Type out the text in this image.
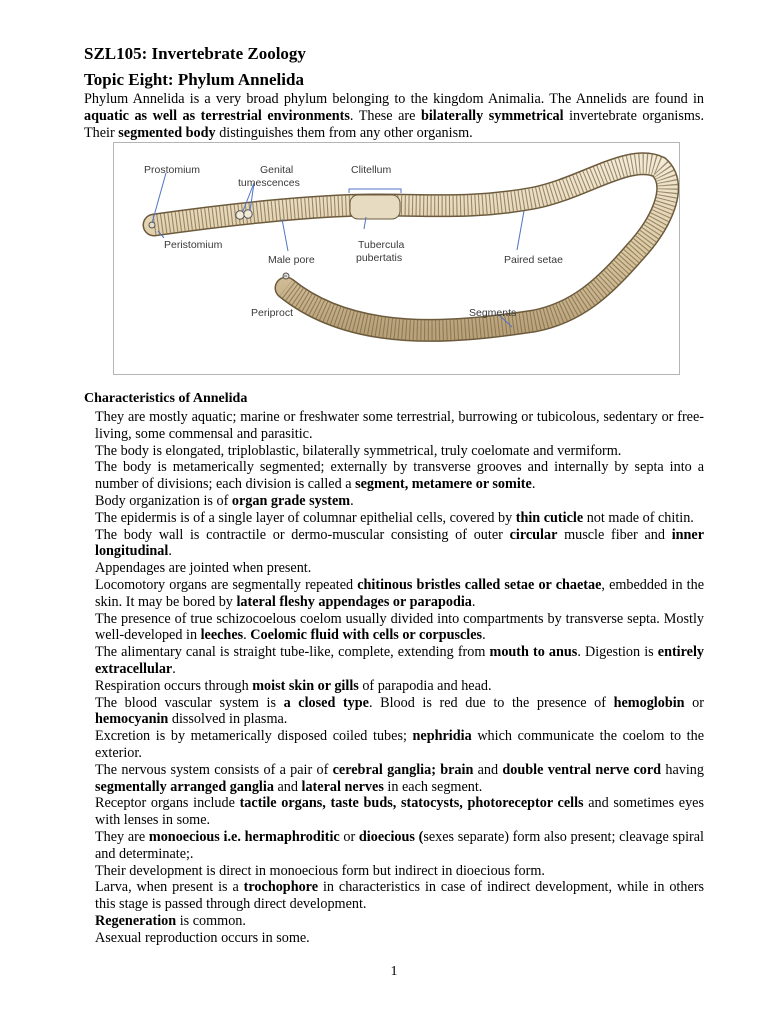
SZL105: Invertebrate Zoology
Topic Eight: Phylum Annelida
Phylum Annelida is a very broad phylum belonging to the kingdom Animalia. The Annelids are found in aquatic as well as terrestrial environments. These are bilaterally symmetrical invertebrate organisms. Their segmented body distinguishes them from any other organism.
Prostomium	Genital
tumescences
Clitellum
Peristomium
Male pore
Tubercula
pubertatis	Paired setae
Periproct	Segments
Characteristics of Annelida

They are mostly aquatic; marine or freshwater some terrestrial, burrowing or tubicolous, sedentary or free-living, some commensal and parasitic.

The body is elongated, triploblastic, bilaterally symmetrical, truly coelomate and vermiform.

The body is metamerically segmented; externally by transverse grooves and internally by septa into a number of divisions; each division is called a segment, metamere or somite.

Body organization is of organ grade system.

The epidermis is of a single layer of columnar epithelial cells, covered by thin cuticle not made of chitin.

The body wall is contractile or dermo-muscular consisting of outer circular muscle fiber and inner longitudinal.

Appendages are jointed when present.

Locomotory organs are segmentally repeated chitinous bristles called setae or chaetae, embedded in the skin. It may be bored by lateral fleshy appendages or parapodia.

The presence of true schizocoelous coelom usually divided into compartments by transverse septa. Mostly well-developed in leeches. Coelomic fluid with cells or corpuscles.

The alimentary canal is straight tube-like, complete, extending from mouth to anus. Digestion is entirely extracellular.

Respiration occurs through moist skin or gills of parapodia and head.

The blood vascular system is a closed type. Blood is red due to the presence of hemoglobin or hemocyanin dissolved in plasma.

Excretion is by metamerically disposed coiled tubes; nephridia which communicate the coelom to the exterior.

The nervous system consists of a pair of cerebral ganglia; brain and double ventral nerve cord having segmentally arranged ganglia and lateral nerves in each segment.

Receptor organs include tactile organs, taste buds, statocysts, photoreceptor cells and sometimes eyes with lenses in some.

They are monoecious i.e. hermaphroditic or dioecious (sexes separate) form also present; cleavage spiral and determinate;.

Their development is direct in monoecious form but indirect in dioecious form.

Larva, when present is a trochophore in characteristics in case of indirect development, while in others this stage is passed through direct development.

Regeneration is common.

Asexual reproduction occurs in some.

1
